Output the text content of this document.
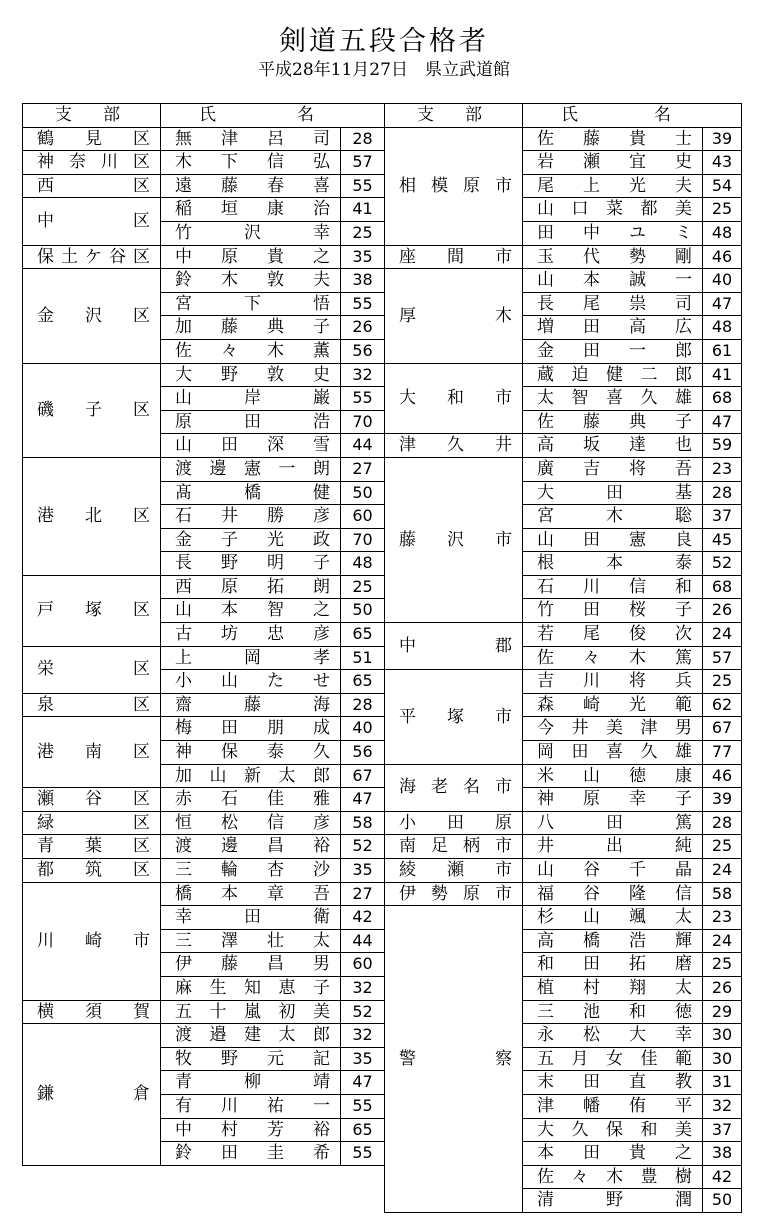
剣道五段合格者
平成28年11月27日　県立武道館
支部	氏名	
鶴見区	無津呂司	28
神奈川区	木下信弘	57
西区	遠藤春喜	55
中区	稲垣康治	41
	竹沢幸	25
保土ケ谷区	中原貴之	35
金沢区	鈴木敦夫	38
	宮下悟	55
	加藤典子	26
	佐々木薫	56
磯子区	大野敦史	32
	山岸巌	55
	原田浩	70
	山田深雪	44
港北区	渡邊憲一朗	27
	髙橋健	50
	石井勝彦	60
	金子光政	70
	長野明子	48
戸塚区	西原拓朗	25
	山本智之	50
	古坊忠彦	65
栄区	上岡孝	51
	小山たせ	65
泉区	齋藤海	28
港南区	梅田朋成	40
	神保泰久	56
	加山新太郎	67
瀬谷区	赤石佳雅	47
緑区	恒松信彦	58
青葉区	渡邊昌裕	52
都筑区	三輪杏沙	35
川崎市	橋本章吾	27
	幸田衛	42
	三澤壮太	44
	伊藤昌男	60
	麻生知恵子	32
横須賀	五十嵐初美	52
鎌倉	渡邉建太郎	32
	牧野元記	35
	青柳靖	47
	有川祐一	55
	中村芳裕	65
	鈴田圭希	55
支部	氏名	
相模原市	佐藤貴士	39
	岩瀬宜史	43
	尾上光夫	54
	山口菜都美	25
	田中ユミ	48
座間市	玉代勢剛	46
厚木	山本誠一	40
	長尾祟司	47
	増田高広	48
	金田一郎	61
大和市	蔵迫健二郎	41
	太智喜久雄	68
	佐藤典子	47
津久井	高坂達也	59
藤沢市	廣吉将吾	23
	大田基	28
	宮木聡	37
	山田憲良	45
	根本泰	52
	石川信和	68
	竹田桜子	26
中郡	若尾俊次	24
	佐々木篤	57
平塚市	吉川将兵	25
	森崎光範	62
	今井美津男	67
	岡田喜久雄	77
海老名市	米山徳康	46
	神原幸子	39
小田原	八田篤	28
南足柄市	井出純	25
綾瀬市	山谷千晶	24
伊勢原市	福谷隆信	58
警察	杉山颯太	23
	高橋浩輝	24
	和田拓磨	25
	植村翔太	26
	三池和徳	29
	永松大幸	30
	五月女佳範	30
	末田直教	31
	津幡侑平	32
	大久保和美	37
	本田貴之	38
	佐々木豊樹	42
	清野潤	50
